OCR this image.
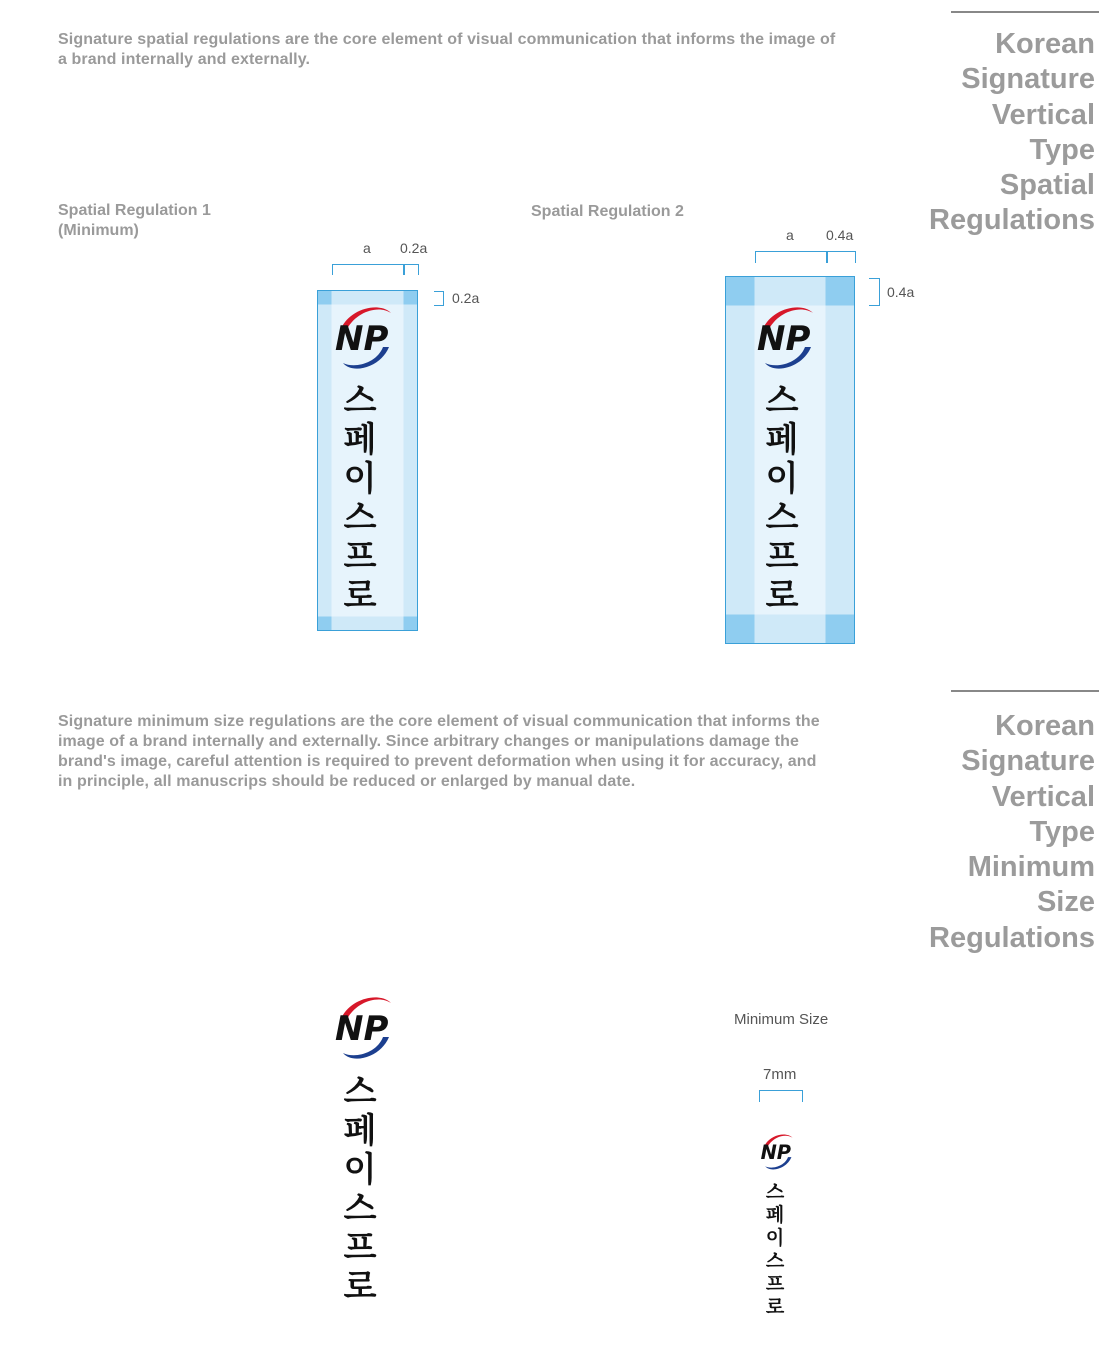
Signature spatial regulations are the core element of visual communication that informs the image of
a brand internally and externally.	Korean
Signature
Vertical
Type
Spatial
Regulations
Spatial Regulation 1
(Minimum)
Spatial Regulation 2
a 0.2a
0.2a
NP
스
페
이
스
프
로
a 0.4a
0.4a
NP
스
페
이
스
프
로
Signature minimum size regulations are the core element of visual communication that informs the
image of a brand internally and externally. Since arbitrary changes or manipulations damage the
brand's image, careful attention is required to prevent deformation when using it for accuracy, and
in principle, all manuscrips should be reduced or enlarged by manual date.
Korean
Signature
Vertical
Type
Minimum
Size
Regulations
NP
스
페
이
스
프
로
Minimum Size
7mm
NP
스
페
이
스
프
로
